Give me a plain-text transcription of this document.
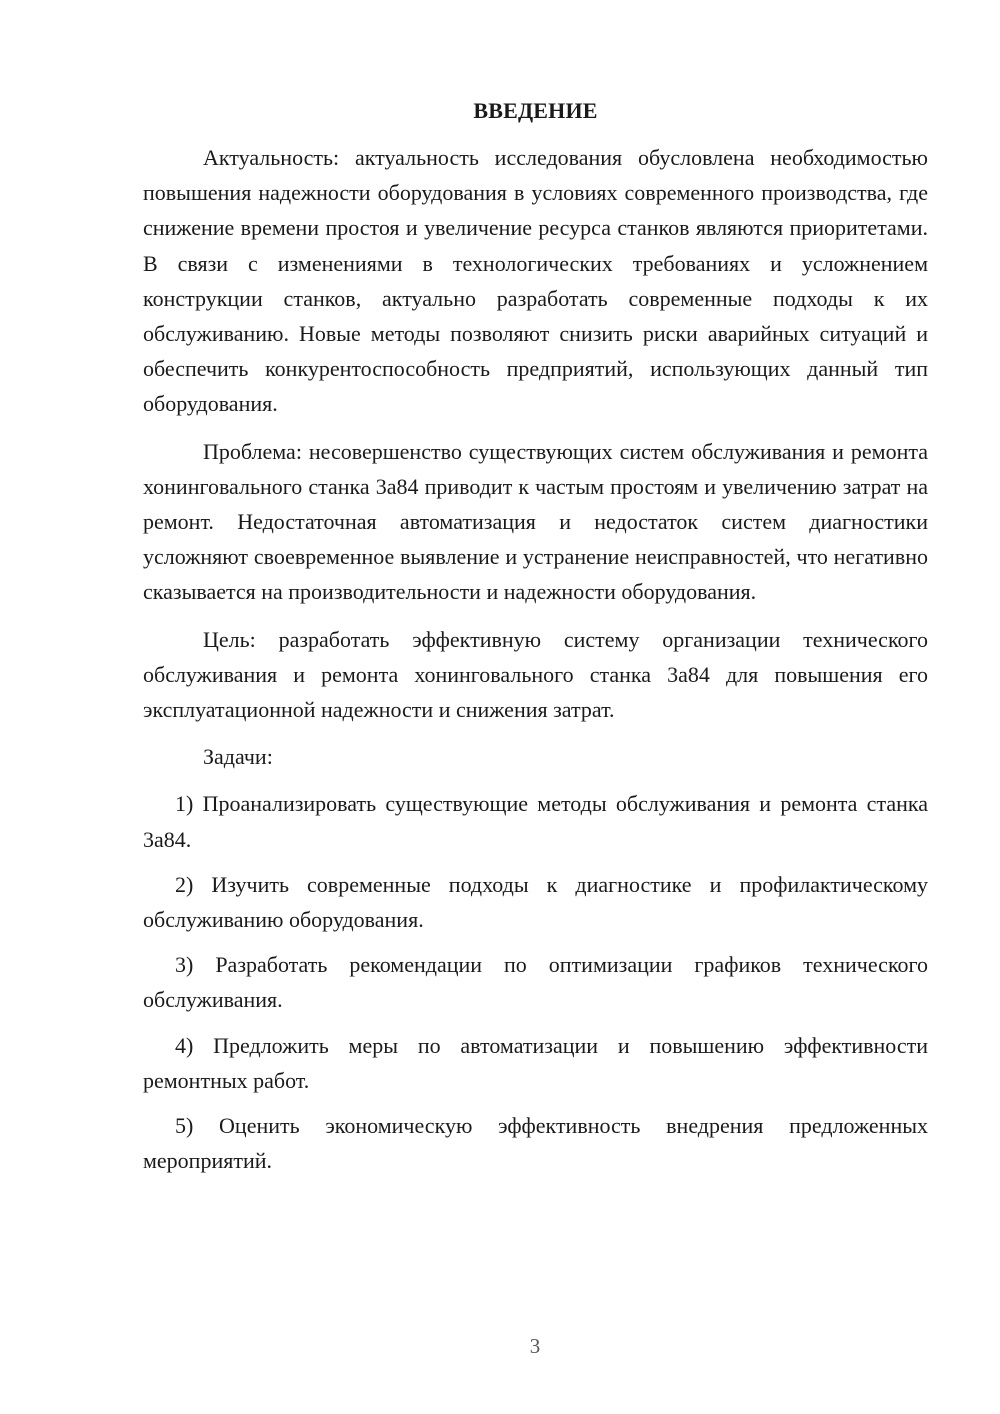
ВВЕДЕНИЕ

Актуальность: актуальность исследования обусловлена необходимостью повышения надежности оборудования в условиях современного производства, где снижение времени простоя и увеличение ресурса станков являются приоритетами. В связи с изменениями в технологических требованиях и усложнением конструкции станков, актуально разработать современные подходы к их обслуживанию. Новые методы позволяют снизить риски аварийных ситуаций и обеспечить конкурентоспособность предприятий, использующих данный тип оборудования.

Проблема: несовершенство существующих систем обслуживания и ремонта хонинговального станка 3а84 приводит к частым простоям и увеличению затрат на ремонт. Недостаточная автоматизация и недостаток систем диагностики усложняют своевременное выявление и устранение неисправностей, что негативно сказывается на производительности и надежности оборудования.

Цель: разработать эффективную систему организации технического обслуживания и ремонта хонинговального станка 3а84 для повышения его эксплуатационной надежности и снижения затрат.

Задачи:

1) Проанализировать существующие методы обслуживания и ремонта станка 3а84.

2) Изучить современные подходы к диагностике и профилактическому обслуживанию оборудования.

3) Разработать рекомендации по оптимизации графиков технического обслуживания.

4) Предложить меры по автоматизации и повышению эффективности ремонтных работ.

5) Оценить экономическую эффективность внедрения предложенных мероприятий.

3
